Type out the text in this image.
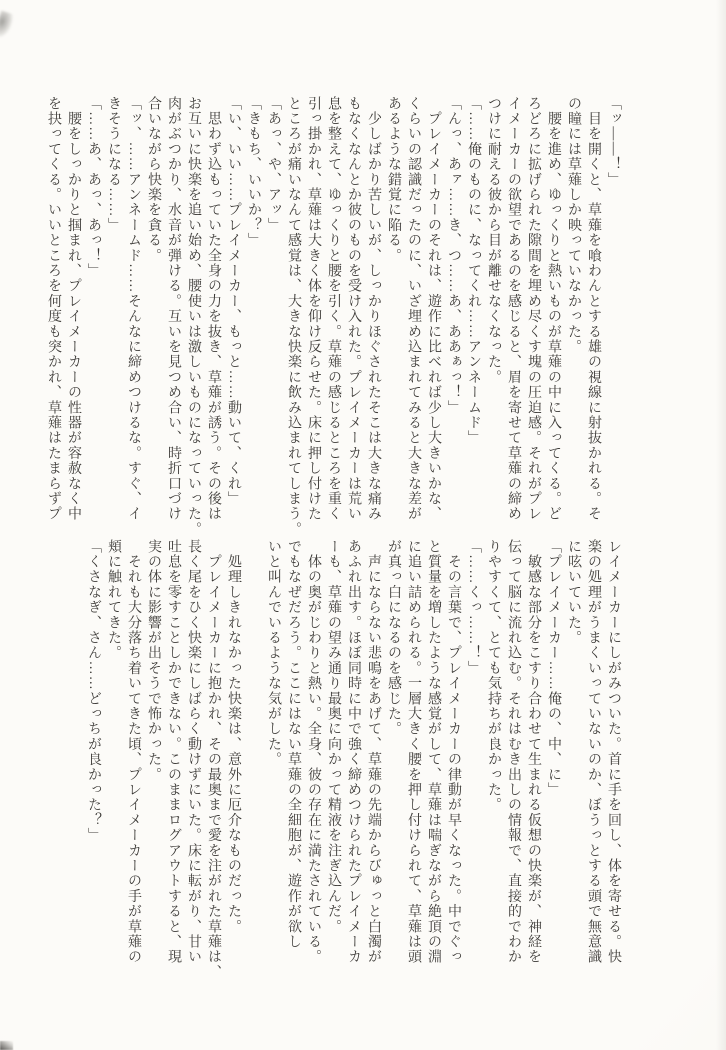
「ッ――！」

　目を開くと、草薙を喰わんとする雄の視線に射抜かれる。そ

の瞳には草薙しか映っていなかった。

　腰を進め、ゆっくりと熱いものが草薙の中に入ってくる。ど

ろどろに拡げられた隙間を埋め尽くす塊の圧迫感。それがプレ

イメーカーの欲望であるのを感じると、眉を寄せて草薙の締め

つけに耐える彼から目が離せなくなった。

「……俺のものに、なってくれ……アンネームド」

「んっ、あァ……き、つ……あ、ああぁっ！」

　プレイメーカーのそれは、遊作に比べれば少し大きいかな、

くらいの認識だったのに、いざ埋め込まれてみると大きな差が

あるような錯覚に陥る。

　少しばかり苦しいが、しっかりほぐされたそこは大きな痛み

もなくなんとか彼のものを受け入れた。プレイメーカーは荒い

息を整えて、ゆっくりと腰を引く。草薙の感じるところを重く

引っ掛かれ、草薙は大きく体を仰け反らせた。床に押し付けた

ところが痛いなんて感覚は、大きな快楽に飲み込まれてしまう。

「あっ、や、アッ」

「きもち、いいか？」

「い、いい……プレイメーカー、もっと……動いて、くれ」

　思わず込もっていた全身の力を抜き、草薙が誘う。その後は

お互いに快楽を追い始め、腰使いは激しいものになっていった。

肉がぶつかり、水音が弾ける。互いを見つめ合い、時折口づけ

合いながら快楽を貪る。

「ッ、……アンネームド……そんなに締めつけるな。すぐ、イ

きそうになる……」

「……あ、あっ、あっ！」

　腰をしっかりと掴まれ、プレイメーカーの性器が容赦なく中

を抉ってくる。いいところを何度も突かれ、草薙はたまらずプ

レイメーカーにしがみついた。首に手を回し、体を寄せる。快

楽の処理がうまくいっていないのか、ぼうっとする頭で無意識

に呟いていた。

「プレイメーカー……俺の、中、に」

　敏感な部分をこすり合わせて生まれる仮想の快楽が、神経を

伝って脳に流れ込む。それはむき出しの情報で、直接的でわか

りやすくて、とても気持ちが良かった。

「……くっ……！」

　その言葉で、プレイメーカーの律動が早くなった。中でぐっ

と質量を増したような感覚がして、草薙は喘ぎながら絶頂の淵

に追い詰められる。一層大きく腰を押し付けられて、草薙は頭

が真っ白になるのを感じた。

　声にならない悲鳴をあげて、草薙の先端からびゅっと白濁が

あふれ出す。ほぼ同時に中で強く締めつけられたプレイメーカ

ーも、草薙の望み通り最奥に向かって精液を注ぎ込んだ。

　体の奥がじわりと熱い。全身、彼の存在に満たされている。

でもなぜだろう。ここにはない草薙の全細胞が、遊作が欲し

いと叫んでいるような気がした。

　処理しきれなかった快楽は、意外に厄介なものだった。

　プレイメーカーに抱かれ、その最奥まで愛を注がれた草薙は、

長く尾をひく快楽にしばらく動けずにいた。床に転がり、甘い

吐息を零すことしかできない。このままログアウトすると、現

実の体に影響が出そうで怖かった。

　それも大分落ち着いてきた頃、プレイメーカーの手が草薙の

頬に触れてきた。

「くさなぎ、さん……どっちが良かった？」
